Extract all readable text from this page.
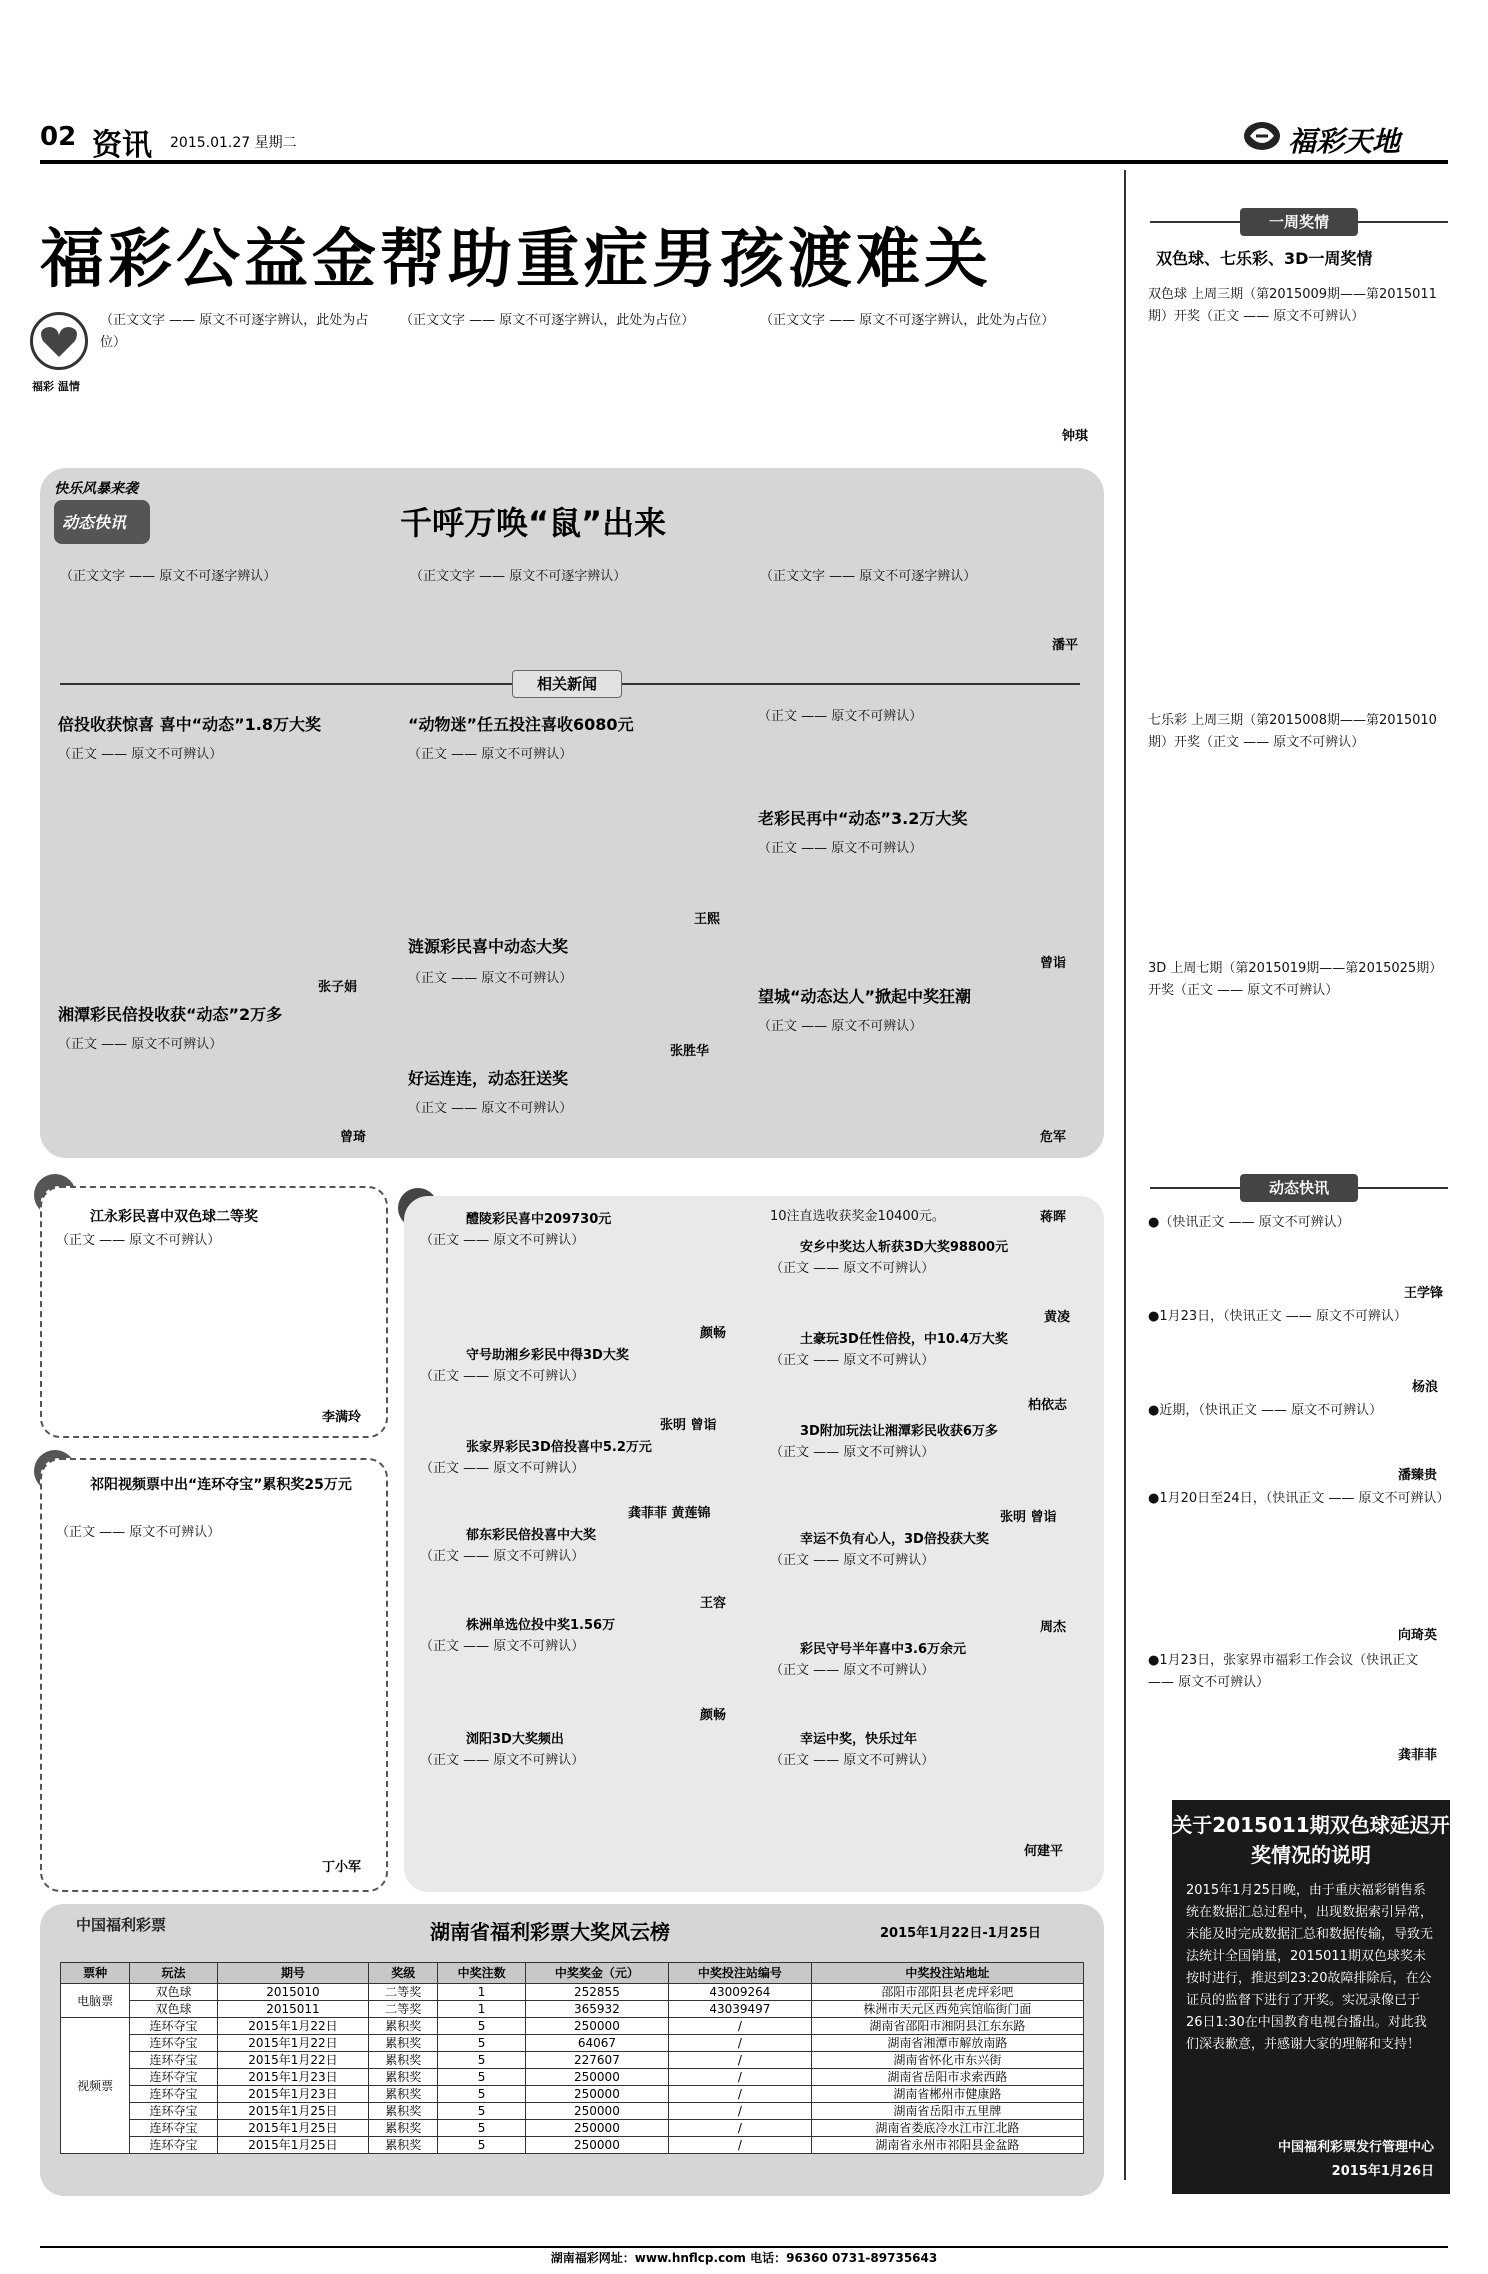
02 资讯 2015.01.27 星期二	福彩天地
福彩公益金帮助重症男孩渡难关
福彩 温情
（正文文字 —— 原文不可逐字辨认，此处为占位）
（正文文字 —— 原文不可逐字辨认，此处为占位）	（正文文字 —— 原文不可逐字辨认，此处为占位）
钟琪
快乐风暴来袭
动态快讯	千呼万唤“鼠”出来
（正文文字 —— 原文不可逐字辨认）	（正文文字 —— 原文不可逐字辨认）	（正文文字 —— 原文不可逐字辨认）
潘平
相关新闻
倍投收获惊喜 喜中“动态”1.8万大奖
（正文 —— 原文不可辨认）
张子娟
湘潭彩民倍投收获“动态”2万多
（正文 —— 原文不可辨认）
曾琦
“动物迷”任五投注喜收6080元
（正文 —— 原文不可辨认）
王熙
涟源彩民喜中动态大奖
（正文 —— 原文不可辨认）
张胜华
好运连连，动态狂送奖
（正文 —— 原文不可辨认）
（正文 —— 原文不可辨认）
老彩民再中“动态”3.2万大奖
（正文 —— 原文不可辨认）
曾诣
望城“动态达人”掀起中奖狂潮
（正文 —— 原文不可辨认）
危军
江永彩民喜中双色球二等奖
（正文 —— 原文不可辨认）
李满玲
祁阳视频票中出“连环夺宝”累积奖25万元
（正文 —— 原文不可辨认）
丁小军
醴陵彩民喜中209730元
（正文 —— 原文不可辨认）
颜畅
守号助湘乡彩民中得3D大奖
（正文 —— 原文不可辨认）
张明 曾诣
张家界彩民3D倍投喜中5.2万元
（正文 —— 原文不可辨认）
龚菲菲 黄莲锦
郁东彩民倍投喜中大奖
（正文 —— 原文不可辨认）
王容
株洲单选位投中奖1.56万
（正文 —— 原文不可辨认）
颜畅
浏阳3D大奖频出
（正文 —— 原文不可辨认）
10注直选收获奖金10400元。	蒋晖
安乡中奖达人斩获3D大奖98800元
（正文 —— 原文不可辨认）
黄凌
土豪玩3D任性倍投，中10.4万大奖
（正文 —— 原文不可辨认）
柏依志
3D附加玩法让湘潭彩民收获6万多
（正文 —— 原文不可辨认）
张明 曾诣
幸运不负有心人，3D倍投获大奖
（正文 —— 原文不可辨认）
周杰
彩民守号半年喜中3.6万余元
（正文 —— 原文不可辨认）
幸运中奖，快乐过年
（正文 —— 原文不可辨认）
何建平
中国福利彩票	湖南省福利彩票大奖风云榜	2015年1月22日-1月25日
票种	玩法	期号	奖级	中奖注数	中奖奖金（元）	中奖投注站编号	中奖投注站地址
电脑票	双色球	2015010	二等奖	1	252855	43009264	邵阳市邵阳县老虎坪彩吧
	双色球	2015011	二等奖	1	365932	43039497	株洲市天元区西苑宾馆临街门面
视频票	连环夺宝	2015年1月22日	累积奖	5	250000	/	湖南省邵阳市湘阴县江东东路
	连环夺宝	2015年1月22日	累积奖	5	64067	/	湖南省湘潭市解放南路
	连环夺宝	2015年1月22日	累积奖	5	227607	/	湖南省怀化市东兴街
	连环夺宝	2015年1月23日	累积奖	5	250000	/	湖南省岳阳市求索西路
	连环夺宝	2015年1月23日	累积奖	5	250000	/	湖南省郴州市健康路
	连环夺宝	2015年1月25日	累积奖	5	250000	/	湖南省岳阳市五里牌
	连环夺宝	2015年1月25日	累积奖	5	250000	/	湖南省娄底冷水江市江北路
	连环夺宝	2015年1月25日	累积奖	5	250000	/	湖南省永州市祁阳县金盆路
一周奖情
双色球、七乐彩、3D一周奖情
双色球 上周三期（第2015009期——第2015011期）开奖（正文 —— 原文不可辨认）
七乐彩 上周三期（第2015008期——第2015010期）开奖（正文 —— 原文不可辨认）
3D 上周七期（第2015019期——第2015025期）开奖（正文 —— 原文不可辨认）
动态快讯
●（快讯正文 —— 原文不可辨认）
王学锋
●1月23日，（快讯正文 —— 原文不可辨认）
杨浪
●近期，（快讯正文 —— 原文不可辨认）
潘臻贵
●1月20日至24日，（快讯正文 —— 原文不可辨认）
向琦英
●1月23日，张家界市福彩工作会议（快讯正文 —— 原文不可辨认）
龚菲菲
关于2015011期双色球延迟开奖情况的说明
2015年1月25日晚，由于重庆福彩销售系统在数据汇总过程中，出现数据索引异常，未能及时完成数据汇总和数据传输，导致无法统计全国销量，2015011期双色球奖未按时进行，推迟到23:20故障排除后，在公证员的监督下进行了开奖。实况录像已于26日1:30在中国教育电视台播出。对此我们深表歉意，并感谢大家的理解和支持！
中国福利彩票发行管理中心
2015年1月26日
湖南福彩网址：www.hnflcp.com 电话：96360 0731-89735643
